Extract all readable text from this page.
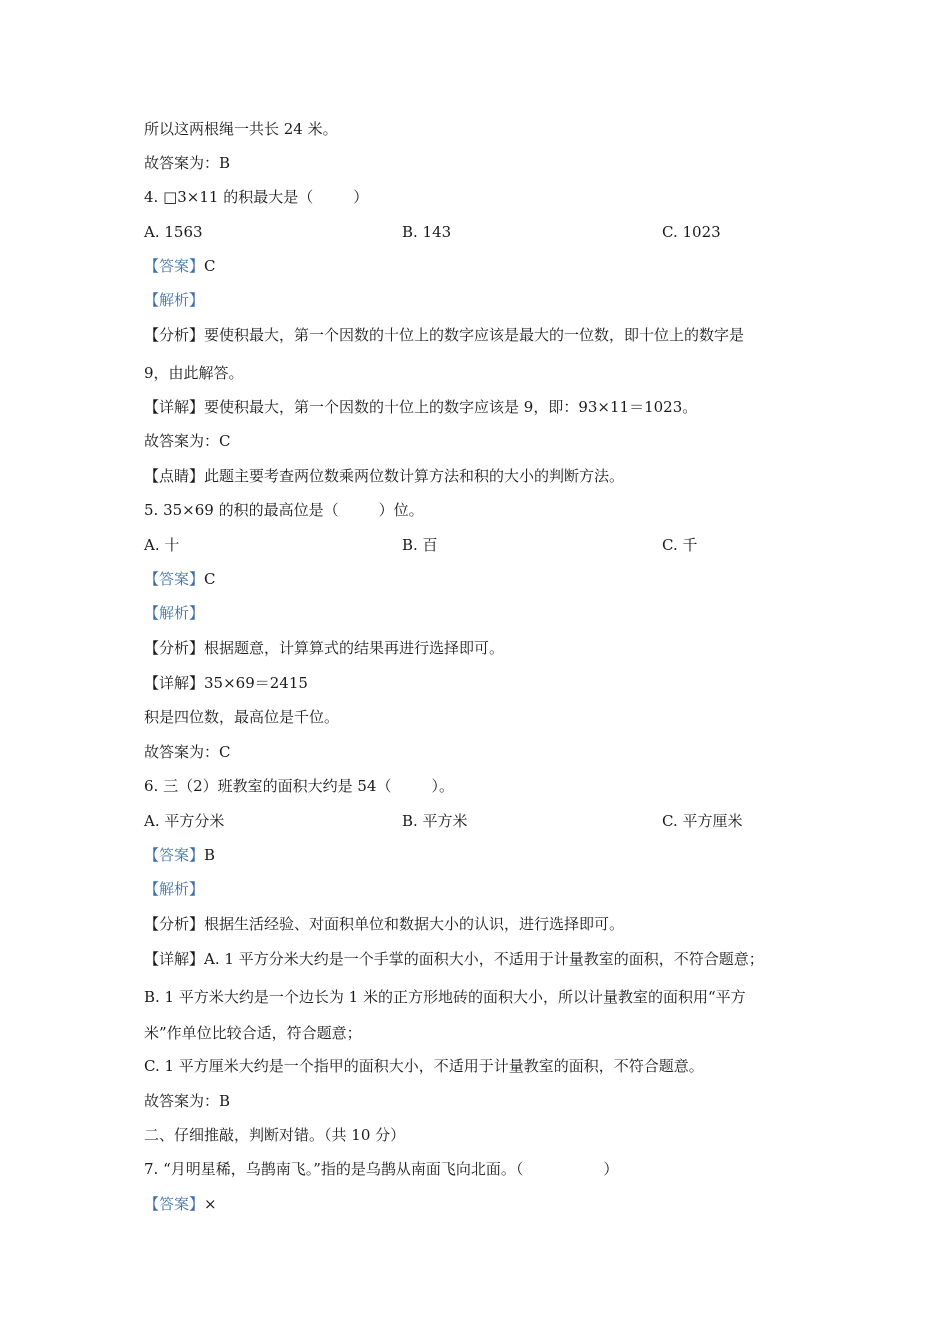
所以这两根绳一共长 24 米。
故答案为：B
4. □3×11 的积最大是（	）
A. 1563	B. 143	C. 1023
【答案】C
【解析】
【分析】要使积最大，第一个因数的十位上的数字应该是最大的一位数，即十位上的数字是
9，由此解答。
【详解】要使积最大，第一个因数的十位上的数字应该是 9，即：93×11＝1023。
故答案为：C
【点睛】此题主要考查两位数乘两位数计算方法和积的大小的判断方法。
5. 35×69 的积的最高位是（	）位。
A. 十	B. 百	C. 千
【答案】C
【解析】
【分析】根据题意，计算算式的结果再进行选择即可。
【详解】35×69＝2415
积是四位数，最高位是千位。
故答案为：C
6. 三（2）班教室的面积大约是 54（	）。
A. 平方分米	B. 平方米	C. 平方厘米
【答案】B
【解析】
【分析】根据生活经验、对面积单位和数据大小的认识，进行选择即可。
【详解】A. 1 平方分米大约是一个手掌的面积大小，不适用于计量教室的面积，不符合题意；
B. 1 平方米大约是一个边长为 1 米的正方形地砖的面积大小，所以计量教室的面积用“平方
米”作单位比较合适，符合题意；
C. 1 平方厘米大约是一个指甲的面积大小，不适用于计量教室的面积，不符合题意。
故答案为：B
二、仔细推敲，判断对错。（共 10 分）
7. “月明星稀，乌鹊南飞。”指的是乌鹊从南面飞向北面。（	）
【答案】×
